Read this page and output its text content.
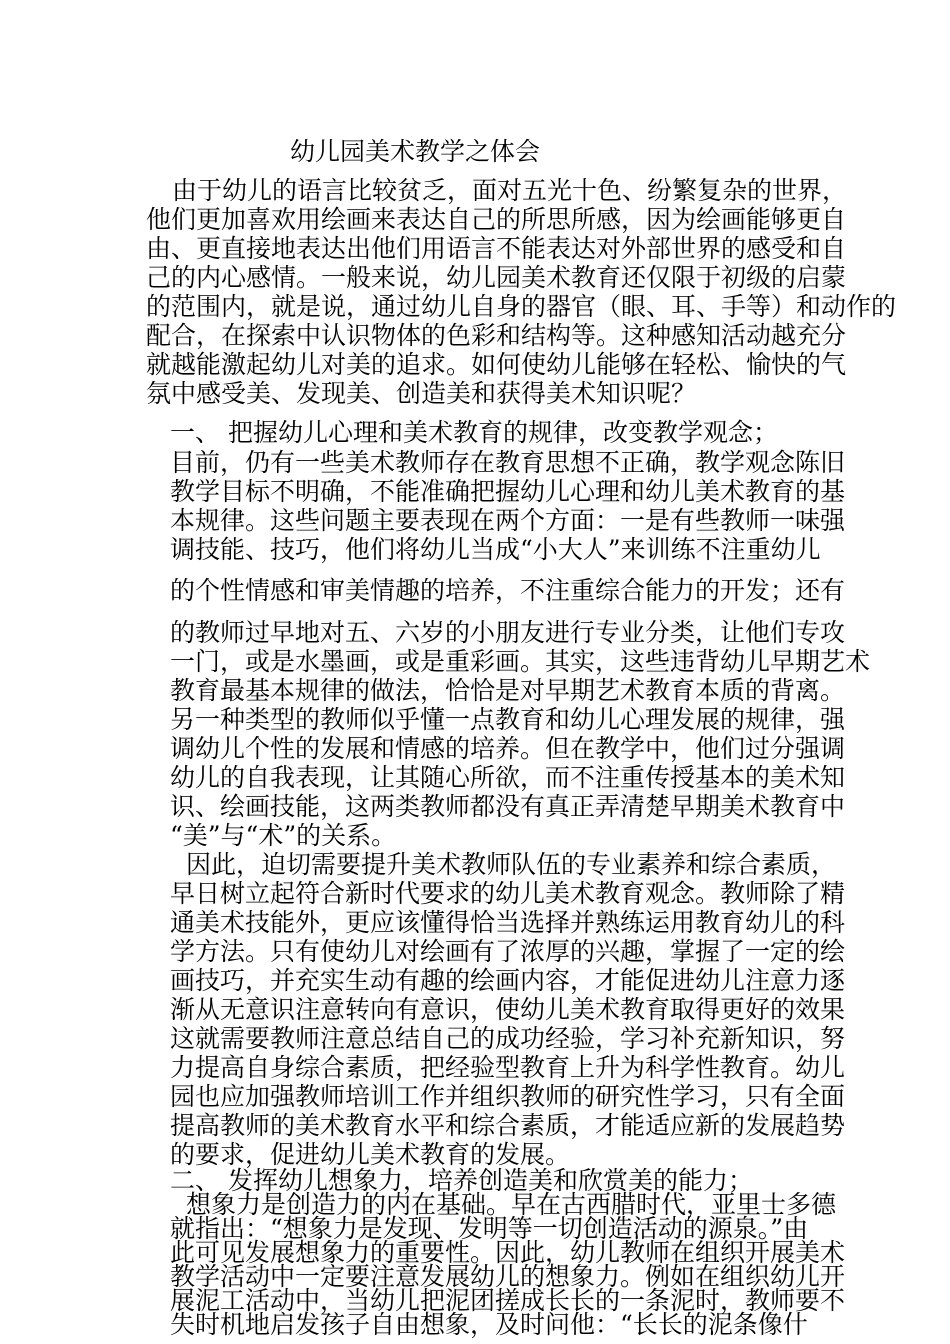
幼儿园美术教学之体会
由于幼儿的语言比较贫乏，面对五光十色、纷繁复杂的世界，
他们更加喜欢用绘画来表达自己的所思所感，因为绘画能够更自
由、更直接地表达出他们用语言不能表达对外部世界的感受和自
己的内心感情。一般来说，幼儿园美术教育还仅限于初级的启蒙
的范围内，就是说，通过幼儿自身的器官（眼、耳、手等）和动作的
配合，在探索中认识物体的色彩和结构等。这种感知活动越充分
就越能激起幼儿对美的追求。如何使幼儿能够在轻松、愉快的气
氛中感受美、发现美、创造美和获得美术知识呢？
一、 把握幼儿心理和美术教育的规律，改变教学观念；
目前，仍有一些美术教师存在教育思想不正确，教学观念陈旧
教学目标不明确，不能准确把握幼儿心理和幼儿美术教育的基
本规律。这些问题主要表现在两个方面：一是有些教师一味强
调技能、技巧，他们将幼儿当成“小大人”来训练不注重幼儿
的个性情感和审美情趣的培养，不注重综合能力的开发；还有
的教师过早地对五、六岁的小朋友进行专业分类，让他们专攻
一门，或是水墨画，或是重彩画。其实，这些违背幼儿早期艺术
教育最基本规律的做法，恰恰是对早期艺术教育本质的背离。
另一种类型的教师似乎懂一点教育和幼儿心理发展的规律，强
调幼儿个性的发展和情感的培养。但在教学中，他们过分强调
幼儿的自我表现，让其随心所欲，而不注重传授基本的美术知
识、绘画技能，这两类教师都没有真正弄清楚早期美术教育中
“美”与“术”的关系。
因此，迫切需要提升美术教师队伍的专业素养和综合素质，
早日树立起符合新时代要求的幼儿美术教育观念。教师除了精
通美术技能外，更应该懂得恰当选择并熟练运用教育幼儿的科
学方法。只有使幼儿对绘画有了浓厚的兴趣，掌握了一定的绘
画技巧，并充实生动有趣的绘画内容，才能促进幼儿注意力逐
渐从无意识注意转向有意识，使幼儿美术教育取得更好的效果
这就需要教师注意总结自己的成功经验，学习补充新知识，努
力提高自身综合素质，把经验型教育上升为科学性教育。幼儿
园也应加强教师培训工作并组织教师的研究性学习，只有全面
提高教师的美术教育水平和综合素质，才能适应新的发展趋势
的要求，促进幼儿美术教育的发展。
二、 发挥幼儿想象力，培养创造美和欣赏美的能力；
想象力是创造力的内在基础。早在古西腊时代，亚里士多德
就指出：“想象力是发现、发明等一切创造活动的源泉。”由
此可见发展想象力的重要性。因此，幼儿教师在组织开展美术
教学活动中一定要注意发展幼儿的想象力。例如在组织幼儿开
展泥工活动中，当幼儿把泥团搓成长长的一条泥时，教师要不
失时机地启发孩子自由想象，及时问他：“长长的泥条像什
